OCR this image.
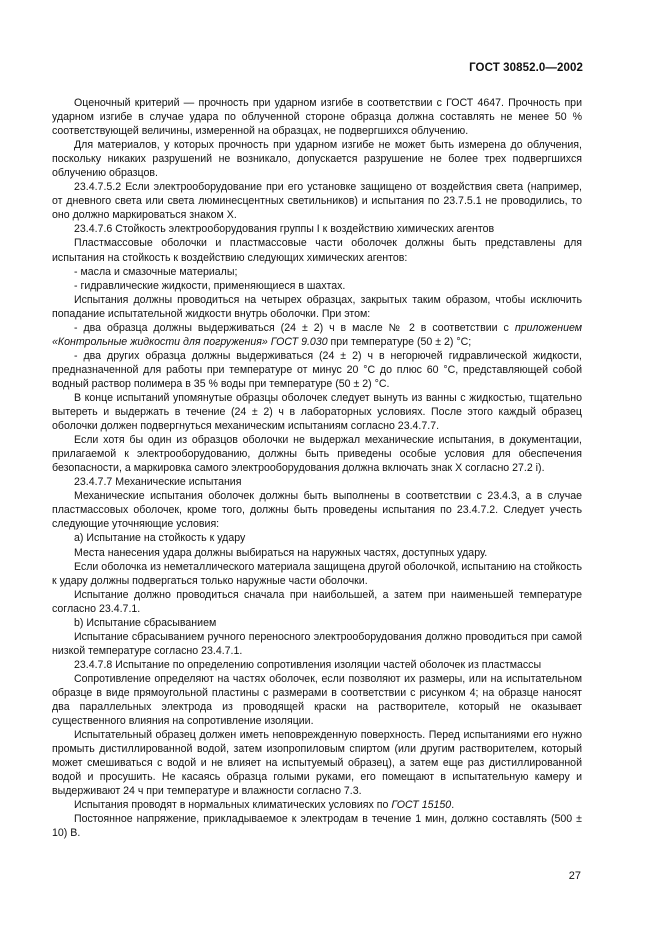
ГОСТ 30852.0—2002

Оценочный критерий — прочность при ударном изгибе в соответствии с ГОСТ 4647. Прочность при ударном изгибе в случае удара по облученной стороне образца должна составлять не менее 50 % соответствующей величины, измеренной на образцах, не подвергшихся облучению.

Для материалов, у которых прочность при ударном изгибе не может быть измерена до облучения, поскольку никаких разрушений не возникало, допускается разрушение не более трех подвергшихся облучению образцов.

23.4.7.5.2 Если электрооборудование при его установке защищено от воздействия света (например, от дневного света или света люминесцентных светильников) и испытания по 23.7.5.1 не проводились, то оно должно маркироваться знаком X.

23.4.7.6 Стойкость электрооборудования группы I к воздействию химических агентов

Пластмассовые оболочки и пластмассовые части оболочек должны быть представлены для испытания на стойкость к воздействию следующих химических агентов:

- масла и смазочные материалы;

- гидравлические жидкости, применяющиеся в шахтах.

Испытания должны проводиться на четырех образцах, закрытых таким образом, чтобы исключить попадание испытательной жидкости внутрь оболочки. При этом:

- два образца должны выдерживаться (24 ± 2) ч в масле № 2 в соответствии с приложением «Контрольные жидкости для погружения» ГОСТ 9.030 при температуре (50 ± 2) °С;

- два других образца должны выдерживаться (24 ± 2) ч в негорючей гидравлической жидкости, предназначенной для работы при температуре от минус 20 °С до плюс 60 °С, представляющей собой водный раствор полимера в 35 % воды при температуре (50 ± 2) °С.

В конце испытаний упомянутые образцы оболочек следует вынуть из ванны с жидкостью, тщательно вытереть и выдержать в течение (24 ± 2) ч в лабораторных условиях. После этого каждый образец оболочки должен подвергнуться механическим испытаниям согласно 23.4.7.7.

Если хотя бы один из образцов оболочки не выдержал механические испытания, в документации, прилагаемой к электрооборудованию, должны быть приведены особые условия для обеспечения безопасности, а маркировка самого электрооборудования должна включать знак X согласно 27.2 i).

23.4.7.7 Механические испытания

Механические испытания оболочек должны быть выполнены в соответствии с 23.4.3, а в случае пластмассовых оболочек, кроме того, должны быть проведены испытания по 23.4.7.2. Следует учесть следующие уточняющие условия:

a) Испытание на стойкость к удару

Места нанесения удара должны выбираться на наружных частях, доступных удару.

Если оболочка из неметаллического материала защищена другой оболочкой, испытанию на стойкость к удару должны подвергаться только наружные части оболочки.

Испытание должно проводиться сначала при наибольшей, а затем при наименьшей температуре согласно 23.4.7.1.

b) Испытание сбрасыванием

Испытание сбрасыванием ручного переносного электрооборудования должно проводиться при самой низкой температуре согласно 23.4.7.1.

23.4.7.8 Испытание по определению сопротивления изоляции частей оболочек из пластмассы

Сопротивление определяют на частях оболочек, если позволяют их размеры, или на испытательном образце в виде прямоугольной пластины с размерами в соответствии с рисунком 4; на образце наносят два параллельных электрода из проводящей краски на растворителе, который не оказывает существенного влияния на сопротивление изоляции.

Испытательный образец должен иметь неповрежденную поверхность. Перед испытаниями его нужно промыть дистиллированной водой, затем изопропиловым спиртом (или другим растворителем, который может смешиваться с водой и не влияет на испытуемый образец), а затем еще раз дистиллированной водой и просушить. Не касаясь образца голыми руками, его помещают в испытательную камеру и выдерживают 24 ч при температуре и влажности согласно 7.3.

Испытания проводят в нормальных климатических условиях по ГОСТ 15150.

Постоянное напряжение, прикладываемое к электродам в течение 1 мин, должно составлять (500 ± 10) В.

27
